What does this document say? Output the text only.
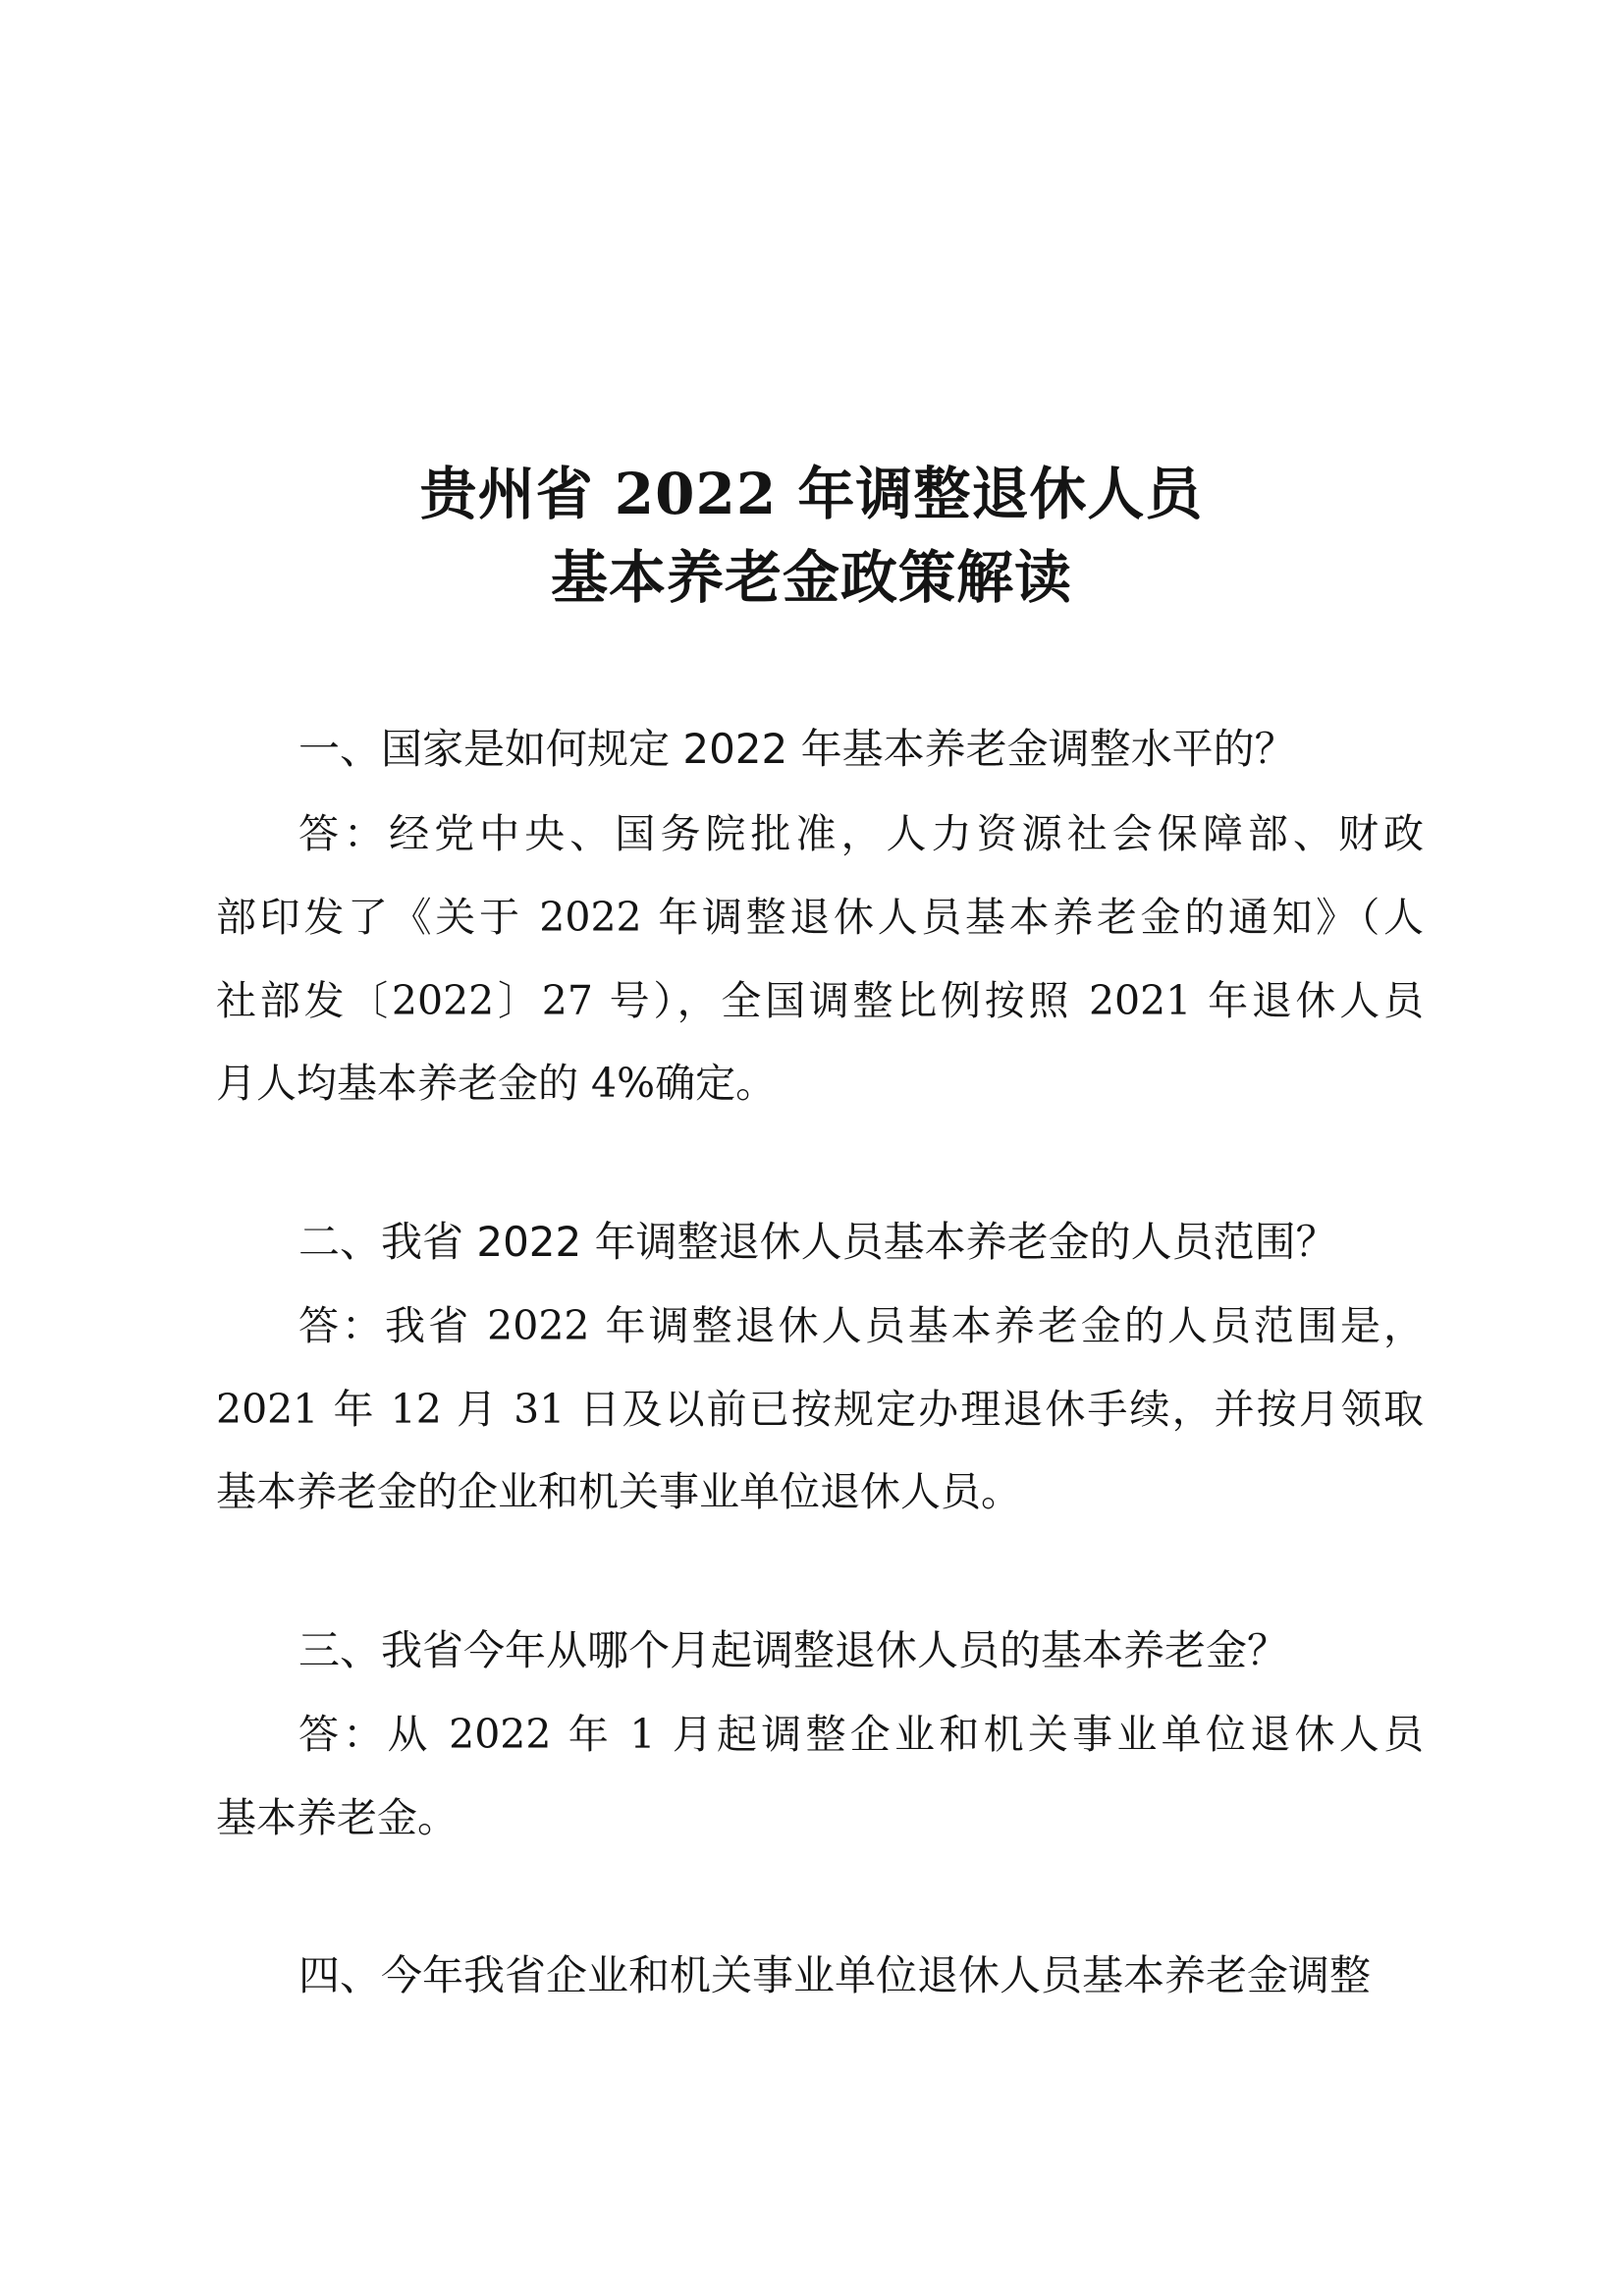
贵州省 2022 年调整退休人员
基本养老金政策解读
一、国家是如何规定 2022 年基本养老金调整水平的？
答：经党中央、国务院批准，人力资源社会保障部、财政
部印发了《关于 2022 年调整退休人员基本养老金的通知》（人
社部发〔2022〕27 号），全国调整比例按照 2021 年退休人员
月人均基本养老金的 4%确定。
二、我省 2022 年调整退休人员基本养老金的人员范围？
答：我省 2022 年调整退休人员基本养老金的人员范围是，
2021 年 12 月 31 日及以前已按规定办理退休手续，并按月领取
基本养老金的企业和机关事业单位退休人员。
三、我省今年从哪个月起调整退休人员的基本养老金？
答：从 2022 年 1 月起调整企业和机关事业单位退休人员
基本养老金。
四、今年我省企业和机关事业单位退休人员基本养老金调整
